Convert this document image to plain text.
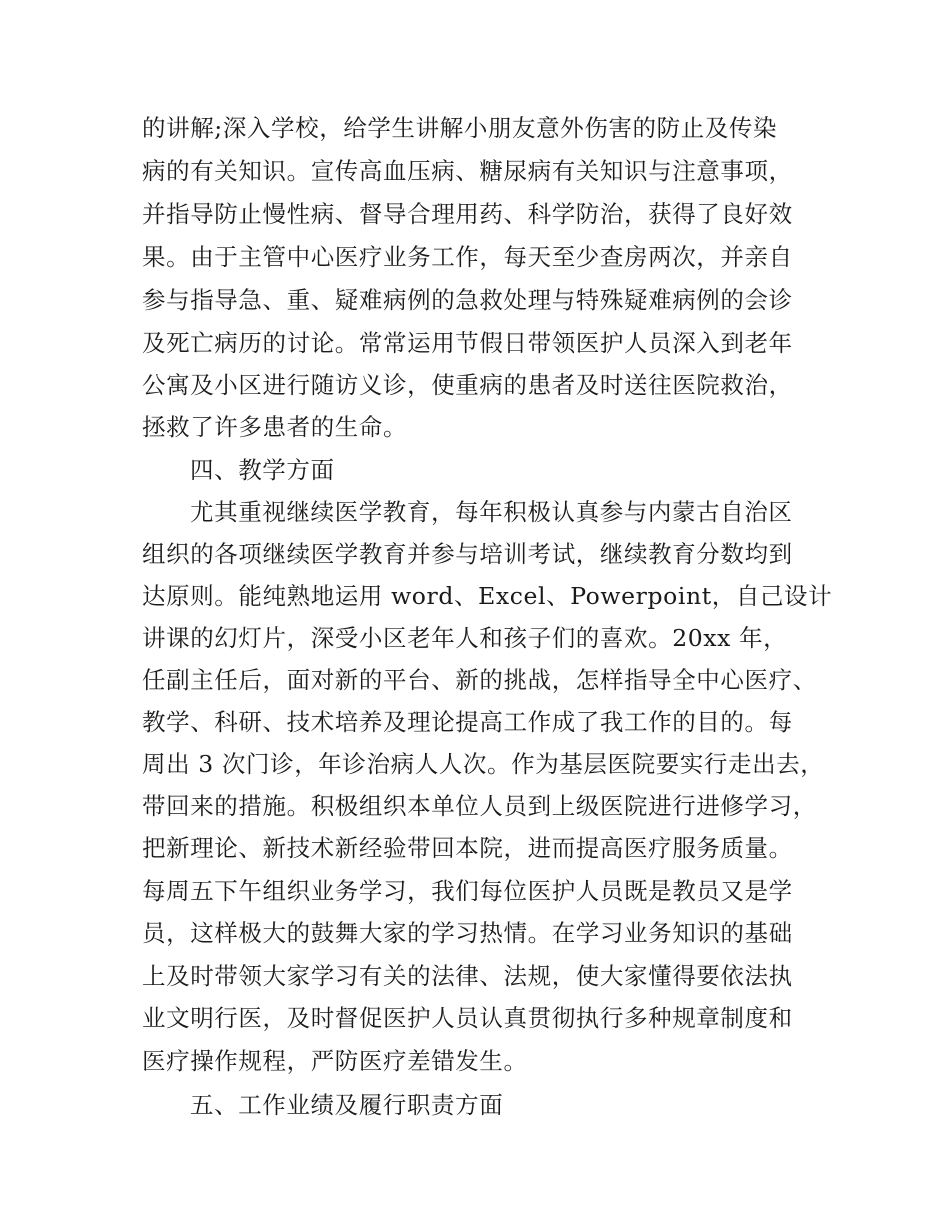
的讲解;深入学校，给学生讲解小朋友意外伤害的防止及传染
病的有关知识。宣传高血压病、糖尿病有关知识与注意事项，
并指导防止慢性病、督导合理用药、科学防治，获得了良好效
果。由于主管中心医疗业务工作，每天至少查房两次，并亲自
参与指导急、重、疑难病例的急救处理与特殊疑难病例的会诊
及死亡病历的讨论。常常运用节假日带领医护人员深入到老年
公寓及小区进行随访义诊，使重病的患者及时送往医院救治，
拯救了许多患者的生命。
四、教学方面
尤其重视继续医学教育，每年积极认真参与内蒙古自治区
组织的各项继续医学教育并参与培训考试，继续教育分数均到
达原则。能纯熟地运用 word、Excel、Powerpoint，自己设计
讲课的幻灯片，深受小区老年人和孩子们的喜欢。20xx 年，
任副主任后，面对新的平台、新的挑战，怎样指导全中心医疗、
教学、科研、技术培养及理论提高工作成了我工作的目的。每
周出 3 次门诊，年诊治病人人次。作为基层医院要实行走出去，
带回来的措施。积极组织本单位人员到上级医院进行进修学习，
把新理论、新技术新经验带回本院，进而提高医疗服务质量。
每周五下午组织业务学习，我们每位医护人员既是教员又是学
员，这样极大的鼓舞大家的学习热情。在学习业务知识的基础
上及时带领大家学习有关的法律、法规，使大家懂得要依法执
业文明行医，及时督促医护人员认真贯彻执行多种规章制度和
医疗操作规程，严防医疗差错发生。
五、工作业绩及履行职责方面
